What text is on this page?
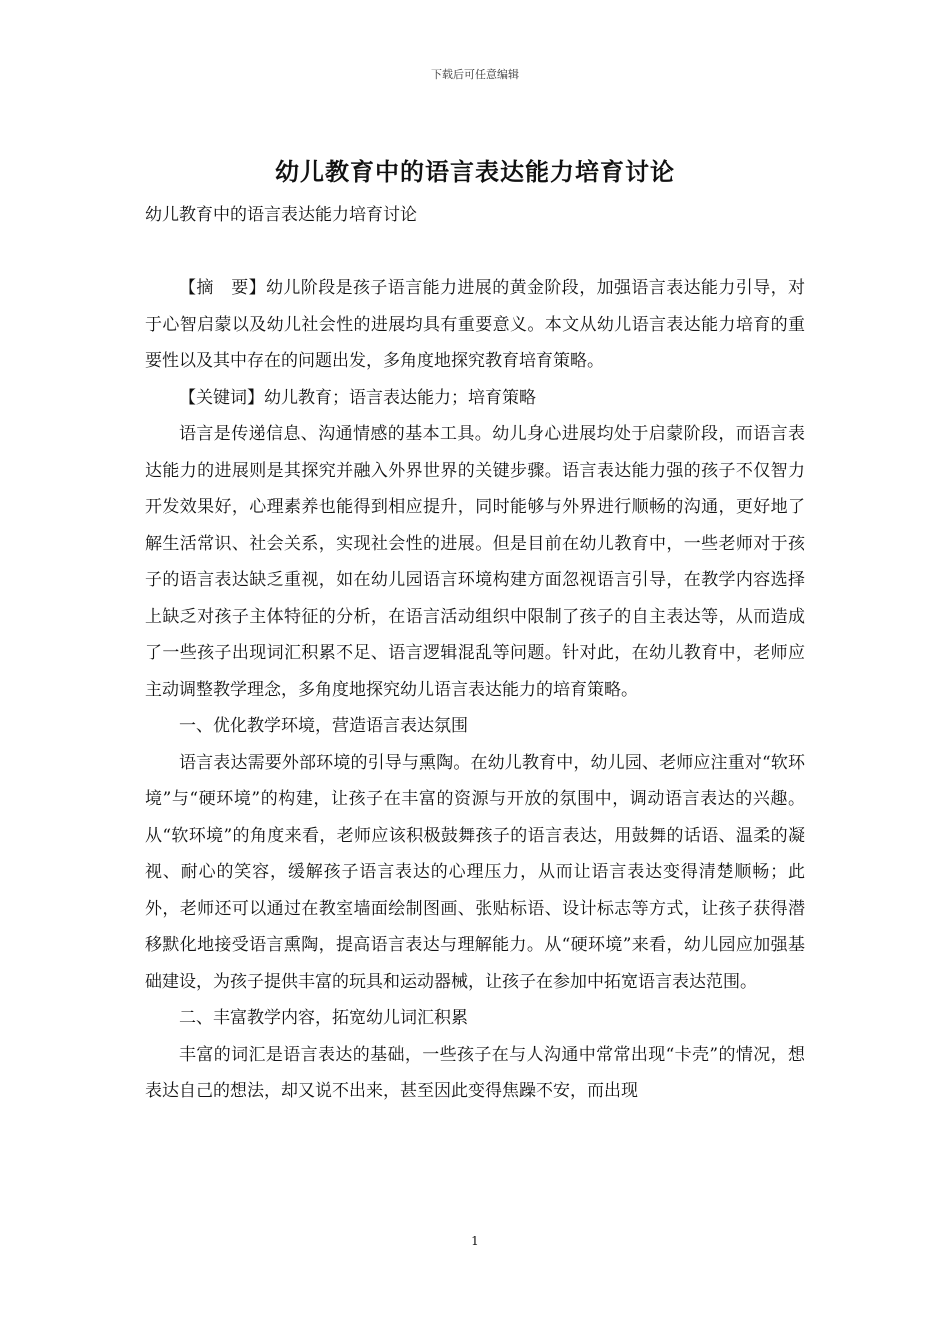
下载后可任意编辑
幼儿教育中的语言表达能力培育讨论
幼儿教育中的语言表达能力培育讨论

【摘　要】幼儿阶段是孩子语言能力进展的黄金阶段，加强语言表达能力引导，对于心智启蒙以及幼儿社会性的进展均具有重要意义。本文从幼儿语言表达能力培育的重要性以及其中存在的问题出发，多角度地探究教育培育策略。

【关键词】幼儿教育；语言表达能力；培育策略

语言是传递信息、沟通情感的基本工具。幼儿身心进展均处于启蒙阶段，而语言表达能力的进展则是其探究并融入外界世界的关键步骤。语言表达能力强的孩子不仅智力开发效果好，心理素养也能得到相应提升，同时能够与外界进行顺畅的沟通，更好地了解生活常识、社会关系，实现社会性的进展。但是目前在幼儿教育中，一些老师对于孩子的语言表达缺乏重视，如在幼儿园语言环境构建方面忽视语言引导，在教学内容选择上缺乏对孩子主体特征的分析，在语言活动组织中限制了孩子的自主表达等，从而造成了一些孩子出现词汇积累不足、语言逻辑混乱等问题。针对此，在幼儿教育中，老师应主动调整教学理念，多角度地探究幼儿语言表达能力的培育策略。

一、优化教学环境，营造语言表达氛围

语言表达需要外部环境的引导与熏陶。在幼儿教育中，幼儿园、老师应注重对“软环境”与“硬环境”的构建，让孩子在丰富的资源与开放的氛围中，调动语言表达的兴趣。从“软环境”的角度来看，老师应该积极鼓舞孩子的语言表达，用鼓舞的话语、温柔的凝视、耐心的笑容，缓解孩子语言表达的心理压力，从而让语言表达变得清楚顺畅；此外，老师还可以通过在教室墙面绘制图画、张贴标语、设计标志等方式，让孩子获得潜移默化地接受语言熏陶，提高语言表达与理解能力。从“硬环境”来看，幼儿园应加强基础建设，为孩子提供丰富的玩具和运动器械，让孩子在参加中拓宽语言表达范围。

二、丰富教学内容，拓宽幼儿词汇积累

丰富的词汇是语言表达的基础，一些孩子在与人沟通中常常出现“卡壳”的情况，想表达自己的想法，却又说不出来，甚至因此变得焦躁不安，而出现

1
